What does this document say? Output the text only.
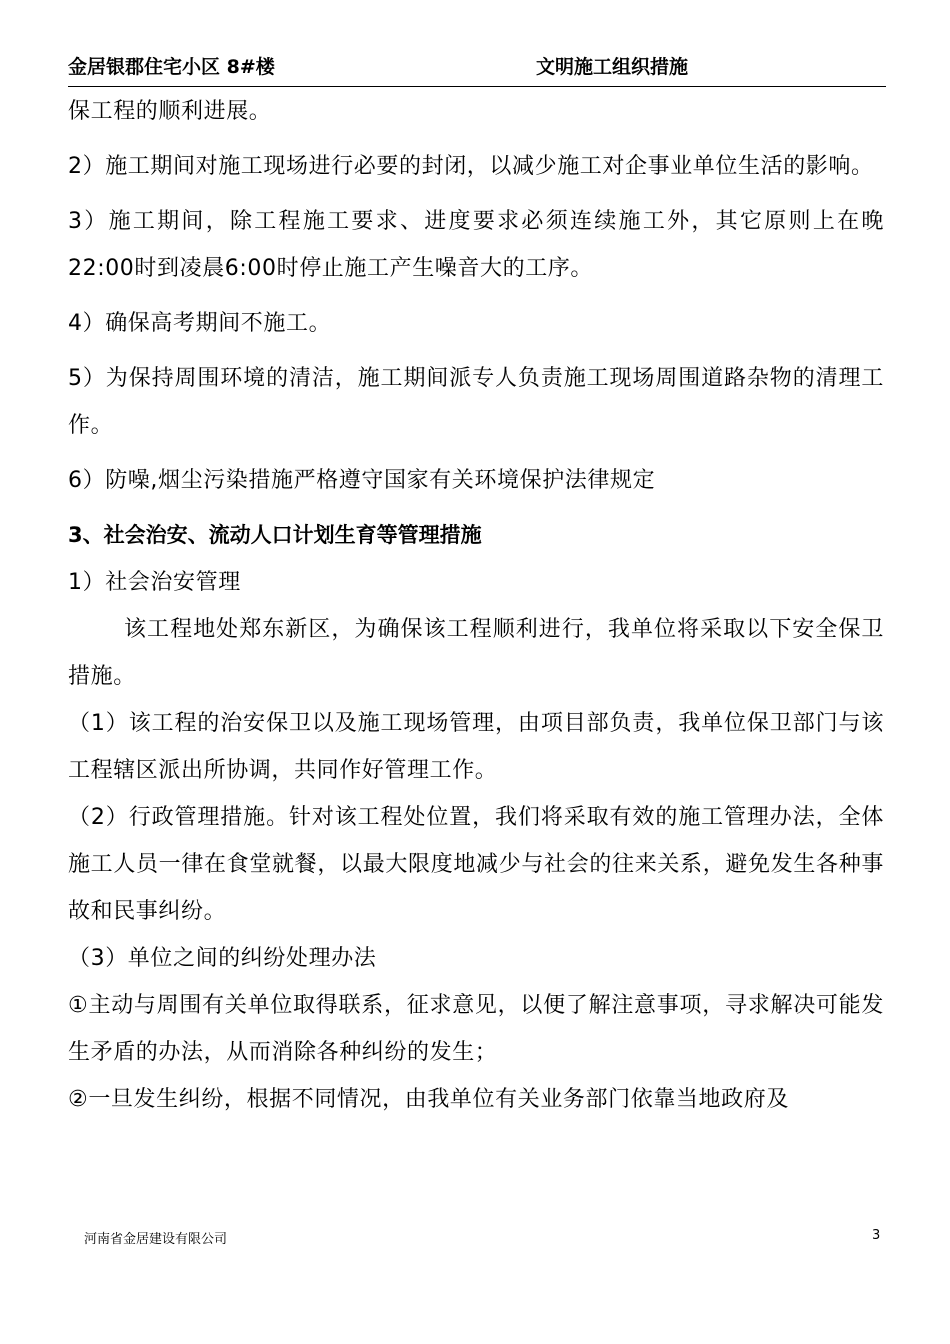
金居银郡住宅小区 8#楼	文明施工组织措施

保工程的顺利进展。

2）施工期间对施工现场进行必要的封闭，以减少施工对企事业单位生活的影响。

3）施工期间，除工程施工要求、进度要求必须连续施工外，其它原则上在晚22:00时到凌晨6:00时停止施工产生噪音大的工序。

4）确保高考期间不施工。

5）为保持周围环境的清洁，施工期间派专人负责施工现场周围道路杂物的清理工作。

6）防噪,烟尘污染措施严格遵守国家有关环境保护法律规定

3、社会治安、流动人口计划生育等管理措施

1）社会治安管理

该工程地处郑东新区，为确保该工程顺利进行，我单位将采取以下安全保卫措施。

（1）该工程的治安保卫以及施工现场管理，由项目部负责，我单位保卫部门与该工程辖区派出所协调，共同作好管理工作。

（2）行政管理措施。针对该工程处位置，我们将采取有效的施工管理办法，全体施工人员一律在食堂就餐，以最大限度地减少与社会的往来关系，避免发生各种事故和民事纠纷。

（3）单位之间的纠纷处理办法

①主动与周围有关单位取得联系，征求意见，以便了解注意事项，寻求解决可能发生矛盾的办法，从而消除各种纠纷的发生；

②一旦发生纠纷，根据不同情况，由我单位有关业务部门依靠当地政府及

河南省金居建设有限公司	3
